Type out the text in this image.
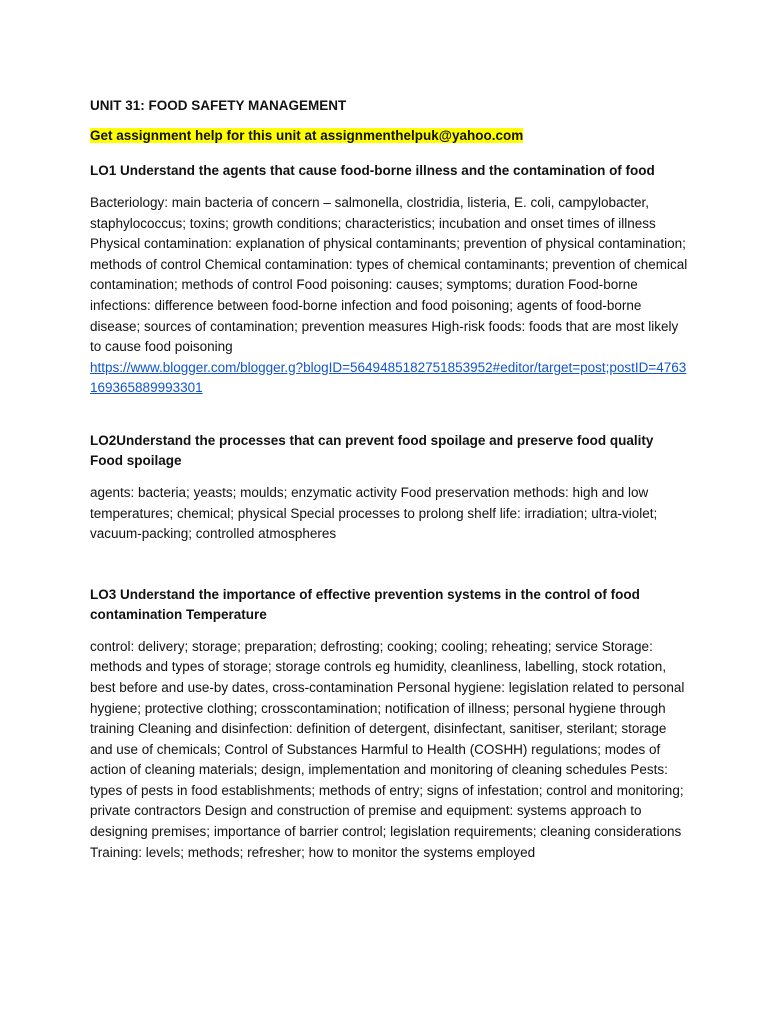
UNIT 31: FOOD SAFETY MANAGEMENT

Get assignment help for this unit at assignmenthelpuk@yahoo.com

LO1 Understand the agents that cause food-borne illness and the contamination of food

Bacteriology: main bacteria of concern – salmonella, clostridia, listeria, E. coli, campylobacter, staphylococcus; toxins; growth conditions; characteristics; incubation and onset times of illness Physical contamination: explanation of physical contaminants; prevention of physical contamination; methods of control Chemical contamination: types of chemical contaminants; prevention of chemical contamination; methods of control Food poisoning: causes; symptoms; duration Food-borne infections: difference between food-borne infection and food poisoning; agents of food-borne disease; sources of contamination; prevention measures High-risk foods: foods that are most likely to cause food poisoning

https://www.blogger.com/blogger.g?blogID=5649485182751853952#editor/target=post;postID=4763169365889993301

LO2Understand the processes that can prevent food spoilage and preserve food quality

Food spoilage

agents: bacteria; yeasts; moulds; enzymatic activity Food preservation methods: high and low temperatures; chemical; physical Special processes to prolong shelf life: irradiation; ultra-violet; vacuum-packing; controlled atmospheres

LO3 Understand the importance of effective prevention systems in the control of food

contamination Temperature

control: delivery; storage; preparation; defrosting; cooking; cooling; reheating; service Storage: methods and types of storage; storage controls eg humidity, cleanliness, labelling, stock rotation, best before and use-by dates, cross-contamination Personal hygiene: legislation related to personal hygiene; protective clothing; crosscontamination; notification of illness; personal hygiene through training Cleaning and disinfection: definition of detergent, disinfectant, sanitiser, sterilant; storage and use of chemicals; Control of Substances Harmful to Health (COSHH) regulations; modes of action of cleaning materials; design, implementation and monitoring of cleaning schedules Pests: types of pests in food establishments; methods of entry; signs of infestation; control and monitoring; private contractors Design and construction of premise and equipment: systems approach to designing premises; importance of barrier control; legislation requirements; cleaning considerations Training: levels; methods; refresher; how to monitor the systems employed
